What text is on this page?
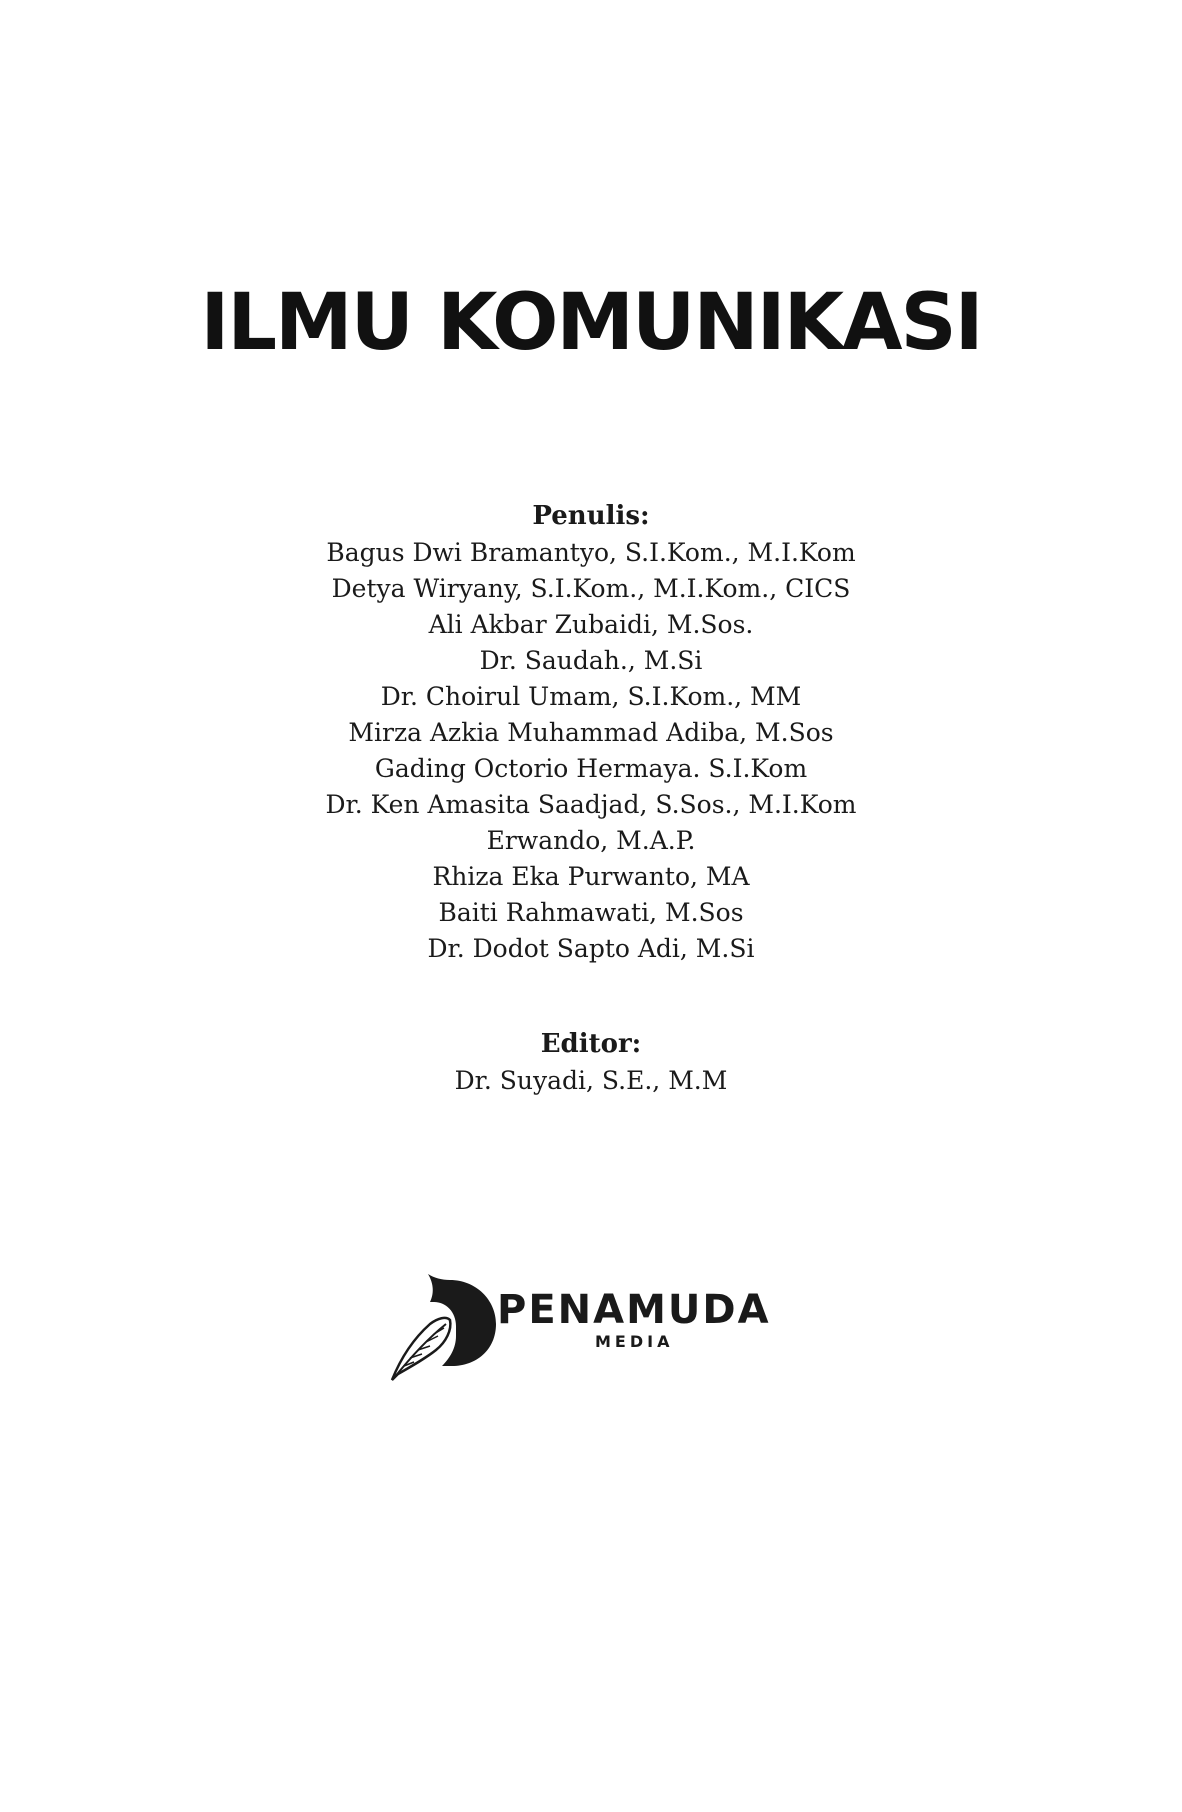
ILMU KOMUNIKASI
Penulis:
Bagus Dwi Bramantyo, S.I.Kom., M.I.Kom
Detya Wiryany, S.I.Kom., M.I.Kom., CICS
Ali Akbar Zubaidi, M.Sos.
Dr. Saudah., M.Si
Dr. Choirul Umam, S.I.Kom., MM
Mirza Azkia Muhammad Adiba, M.Sos
Gading Octorio Hermaya. S.I.Kom
Dr. Ken Amasita Saadjad, S.Sos., M.I.Kom
Erwando, M.A.P.
Rhiza Eka Purwanto, MA
Baiti Rahmawati, M.Sos
Dr. Dodot Sapto Adi, M.Si
Editor:
Dr. Suyadi, S.E., M.M
PENAMUDA
MEDIA
